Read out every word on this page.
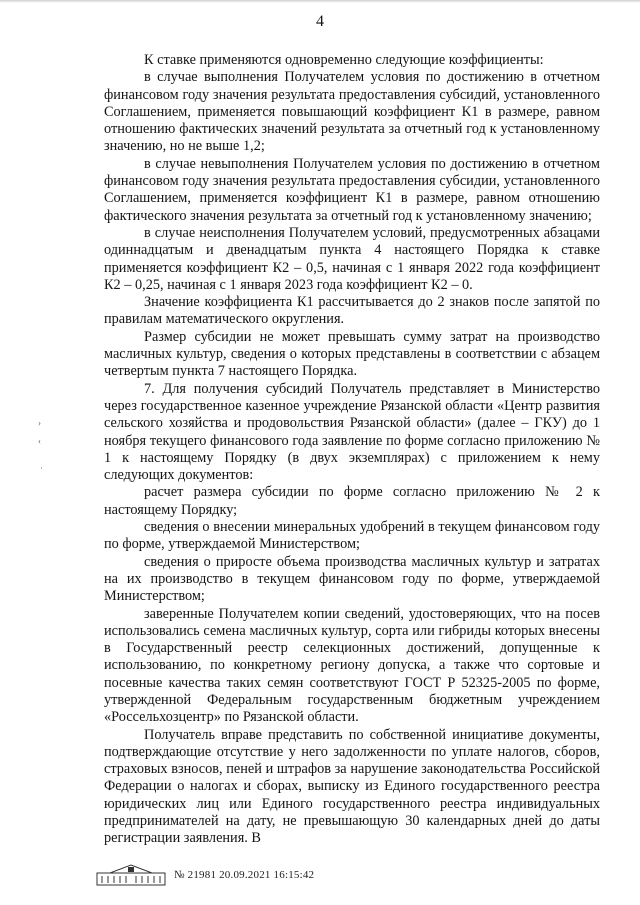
4

К ставке применяются одновременно следующие коэффициенты:

в случае выполнения Получателем условия по достижению в отчетном финансовом году значения результата предоставления субсидий, установленного Соглашением, применяется повышающий коэффициент К1 в размере, равном отношению фактических значений результата за отчетный год к установленному значению, но не выше 1,2;

в случае невыполнения Получателем условия по достижению в отчетном финансовом году значения результата предоставления субсидии, установленного Соглашением, применяется коэффициент К1 в размере, равном отношению фактического значения результата за отчетный год к установленному значению;

в случае неисполнения Получателем условий, предусмотренных абзацами одиннадцатым и двенадцатым пункта 4 настоящего Порядка к ставке применяется коэффициент К2 – 0,5, начиная с 1 января 2022 года коэффициент К2 – 0,25, начиная с 1 января 2023 года коэффициент К2 – 0.

Значение коэффициента К1 рассчитывается до 2 знаков после запятой по правилам математического округления.

Размер субсидии не может превышать сумму затрат на производство масличных культур, сведения о которых представлены в соответствии с абзацем четвертым пункта 7 настоящего Порядка.

7. Для получения субсидий Получатель представляет в Министерство через государственное казенное учреждение Рязанской области «Центр развития сельского хозяйства и продовольствия Рязанской области» (далее – ГКУ) до 1 ноября текущего финансового года заявление по форме согласно приложению № 1 к настоящему Порядку (в двух экземплярах) с приложением к нему следующих документов:

расчет размера субсидии по форме согласно приложению № 2 к настоящему Порядку;

сведения о внесении минеральных удобрений в текущем финансовом году по форме, утверждаемой Министерством;

сведения о приросте объема производства масличных культур и затратах на их производство в текущем финансовом году по форме, утверждаемой Министерством;

заверенные Получателем копии сведений, удостоверяющих, что на посев использовались семена масличных культур, сорта или гибриды которых внесены в Государственный реестр селекционных достижений, допущенные к использованию, по конкретному региону допуска, а также что сортовые и посевные качества таких семян соответствуют ГОСТ Р 52325-2005 по форме, утвержденной Федеральным государственным бюджетным учреждением «Россельхозцентр» по Рязанской области.

Получатель вправе представить по собственной инициативе документы, подтверждающие отсутствие у него задолженности по уплате налогов, сборов, страховых взносов, пеней и штрафов за нарушение законодательства Российской Федерации о налогах и сборах, выписку из Единого государственного реестра юридических лиц или Единого государственного реестра индивидуальных предпринимателей на дату, не превышающую 30 календарных дней до даты регистрации заявления. В

›
‹
·
№ 21981 20.09.2021 16:15:42
